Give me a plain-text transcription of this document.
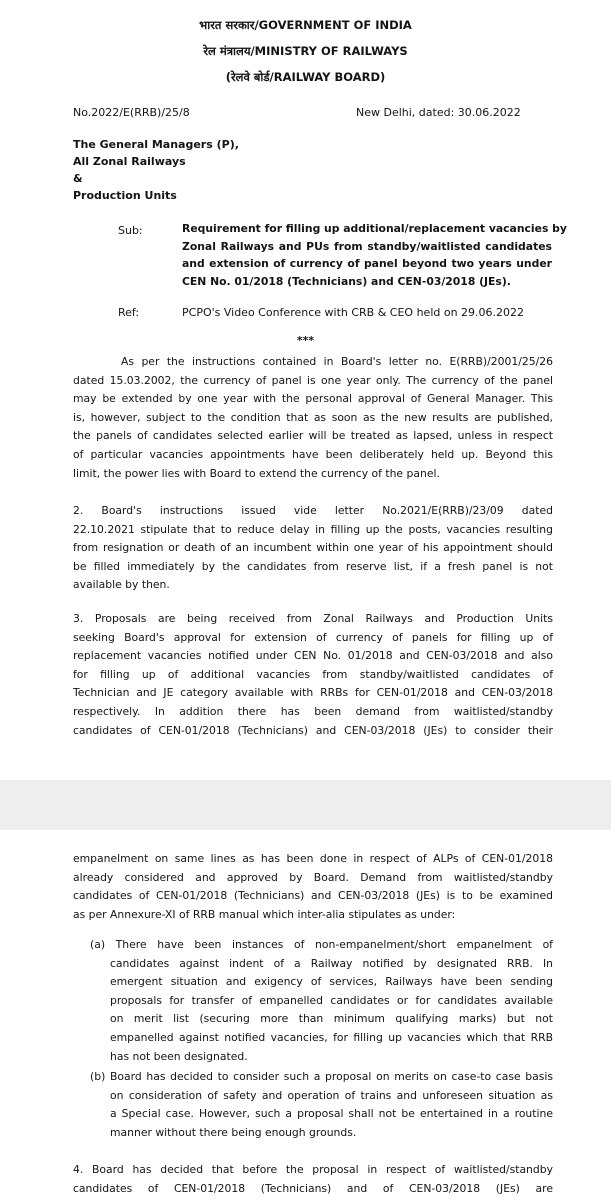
भारत सरकार/GOVERNMENT OF INDIA
रेल मंत्रालय/MINISTRY OF RAILWAYS
(रेलवे बोर्ड/RAILWAY BOARD)
No.2022/E(RRB)/25/8	New Delhi, dated: 30.06.2022
The General Managers (P),
All Zonal Railways
&
Production Units
Sub:	Requirement for filling up additional/replacement vacancies by
Zonal Railways and PUs from standby/waitlisted candidates
and extension of currency of panel beyond two years under
CEN No. 01/2018 (Technicians) and CEN-03/2018 (JEs).
Ref:	PCPO's Video Conference with CRB & CEO held on 29.06.2022
***
As per the instructions contained in Board's letter no. E(RRB)/2001/25/26
dated 15.03.2002, the currency of panel is one year only. The currency of the panel
may be extended by one year with the personal approval of General Manager. This
is, however, subject to the condition that as soon as the new results are published,
the panels of candidates selected earlier will be treated as lapsed, unless in respect
of particular vacancies appointments have been deliberately held up. Beyond this
limit, the power lies with Board to extend the currency of the panel.
2. Board's instructions issued vide letter No.2021/E(RRB)/23/09 dated
22.10.2021 stipulate that to reduce delay in filling up the posts, vacancies resulting
from resignation or death of an incumbent within one year of his appointment should
be filled immediately by the candidates from reserve list, if a fresh panel is not
available by then.
3. Proposals are being received from Zonal Railways and Production Units
seeking Board's approval for extension of currency of panels for filling up of
replacement vacancies notified under CEN No. 01/2018 and CEN-03/2018 and also
for filling up of additional vacancies from standby/waitlisted candidates of
Technician and JE category available with RRBs for CEN-01/2018 and CEN-03/2018
respectively. In addition there has been demand from waitlisted/standby
candidates of CEN-01/2018 (Technicians) and CEN-03/2018 (JEs) to consider their
empanelment on same lines as has been done in respect of ALPs of CEN-01/2018
already considered and approved by Board. Demand from waitlisted/standby
candidates of CEN-01/2018 (Technicians) and CEN-03/2018 (JEs) is to be examined
as per Annexure-XI of RRB manual which inter-alia stipulates as under:
(a) There have been instances of non-empanelment/short empanelment of
candidates against indent of a Railway notified by designated RRB. In
emergent situation and exigency of services, Railways have been sending
proposals for transfer of empanelled candidates or for candidates available
on merit list (securing more than minimum qualifying marks) but not
empanelled against notified vacancies, for filling up vacancies which that RRB
has not been designated.
(b) Board has decided to consider such a proposal on merits on case-to case basis
on consideration of safety and operation of trains and unforeseen situation as
a Special case. However, such a proposal shall not be entertained in a routine
manner without there being enough grounds.
4. Board has decided that before the proposal in respect of waitlisted/standby
candidates of CEN-01/2018 (Technicians) and of CEN-03/2018 (JEs) are
